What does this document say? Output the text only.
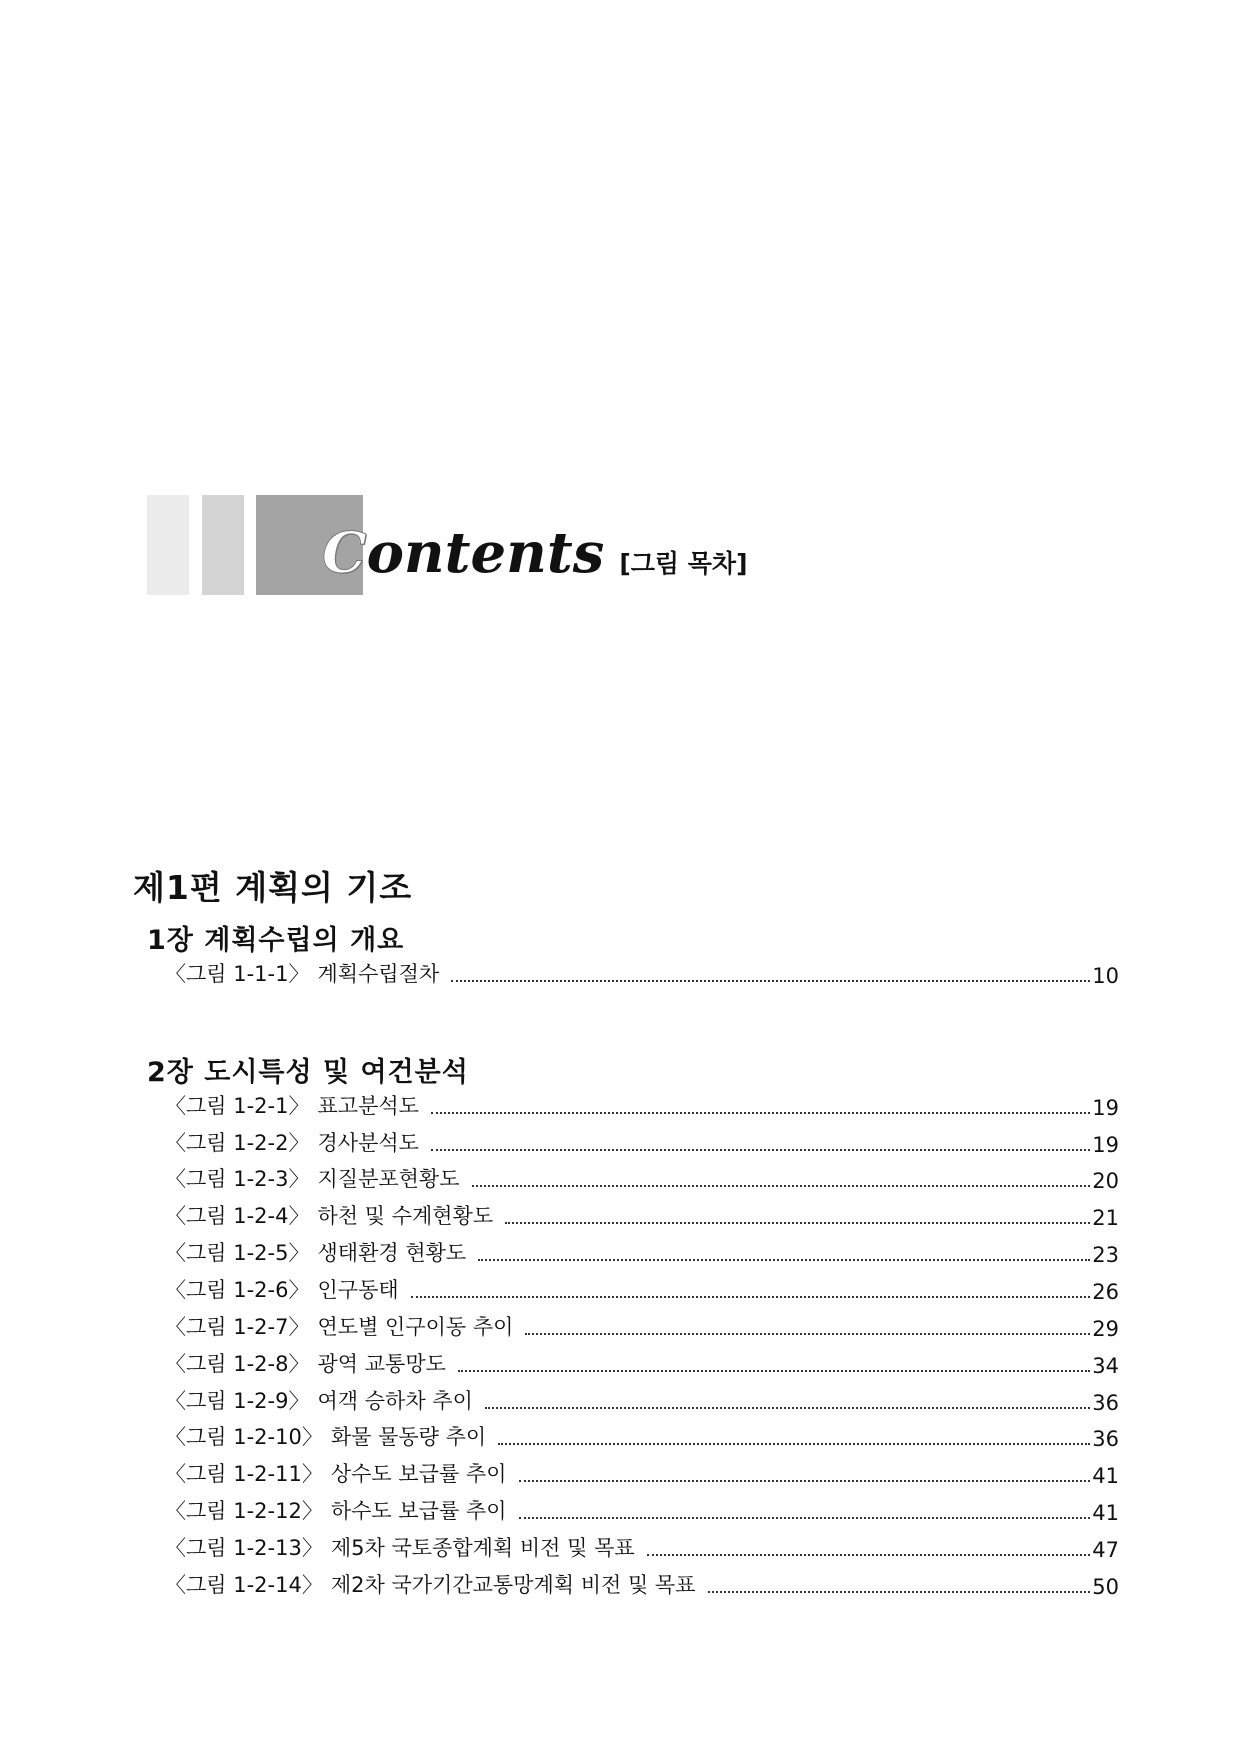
Contents [그림 목차]
제1편 계획의 기조
1장 계획수립의 개요
〈그림 1-1-1〉 계획수립절차	10
2장 도시특성 및 여건분석
〈그림 1-2-1〉 표고분석도	19
〈그림 1-2-2〉 경사분석도	19
〈그림 1-2-3〉 지질분포현황도	20
〈그림 1-2-4〉 하천 및 수계현황도	21
〈그림 1-2-5〉 생태환경 현황도	23
〈그림 1-2-6〉 인구동태	26
〈그림 1-2-7〉 연도별 인구이동 추이	29
〈그림 1-2-8〉 광역 교통망도	34
〈그림 1-2-9〉 여객 승하차 추이	36
〈그림 1-2-10〉 화물 물동량 추이	36
〈그림 1-2-11〉 상수도 보급률 추이	41
〈그림 1-2-12〉 하수도 보급률 추이	41
〈그림 1-2-13〉 제5차 국토종합계획 비전 및 목표	47
〈그림 1-2-14〉 제2차 국가기간교통망계획 비전 및 목표	50
